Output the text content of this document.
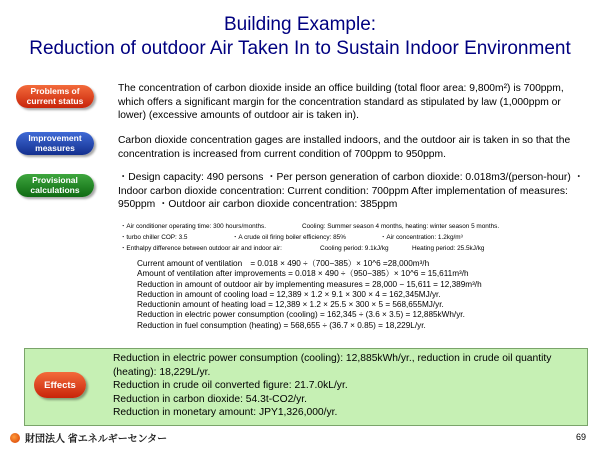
Building Example:
Reduction of outdoor Air Taken In to Sustain Indoor Environment
Problems of
current status
The concentration of carbon dioxide inside an office building (total floor area: 9,800m²) is 700ppm, which offers a significant margin for the concentration standard as stipulated by law (1,000ppm or lower) (excessive amounts of outdoor air is taken in).
Improvement
measures
Carbon dioxide concentration gages are installed indoors, and the outdoor air is taken in so that the concentration is increased from current condition of 700ppm to 950ppm.
Provisional
calculations
・Design capacity: 490 persons ・Per person generation of carbon dioxide: 0.018m3/(person-hour) ・ Indoor carbon dioxide concentration: Current condition: 700ppm After implementation of measures: 950ppm ・Outdoor air carbon dioxide concentration: 385ppm
・Air conditioner operating time: 300 hours/months.	Cooling: Summer season 4 months, heating: winter season 5 months.
・turbo chiller COP: 3.5	・A crude oil firing boiler efficiency: 85%	・Air concentration: 1.2kg/m³
・Enthalpy difference between outdoor air and indoor air:	Cooling period: 9.1kJ/kg	Heating period: 25.5kJ/kg
Current amount of ventilation　= 0.018 × 490 ÷（700−385）× 10^6 =28,000m³/h
Amount of ventilation after improvements = 0.018 × 490 ÷（950−385）× 10^6 = 15,611m³/h
Reduction in amount of outdoor air by implementing measures = 28,000 − 15,611 = 12,389m³/h
Reduction in amount of cooling load = 12,389 × 1.2 × 9.1 × 300 × 4 = 162,345MJ/yr.
Reductionin amount of heating load = 12,389 × 1.2 × 25.5 × 300 × 5 = 568,655MJ/yr.
Reduction in electric power consumption (cooling) = 162,345 ÷ (3.6 × 3.5) = 12,885kWh/yr.
Reduction in fuel consumption (heating) = 568,655 ÷ (36.7 × 0.85) = 18,229L/yr.
Effects
Reduction in electric power consumption (cooling): 12,885kWh/yr., reduction in crude oil quantity (heating): 18,229L/yr.
Reduction in crude oil converted figure: 21.7.0kL/yr.
Reduction in carbon dioxide: 54.3t-CO2/yr.
Reduction in monetary amount: JPY1,326,000/yr.
財団法人 省エネルギーセンター	69
